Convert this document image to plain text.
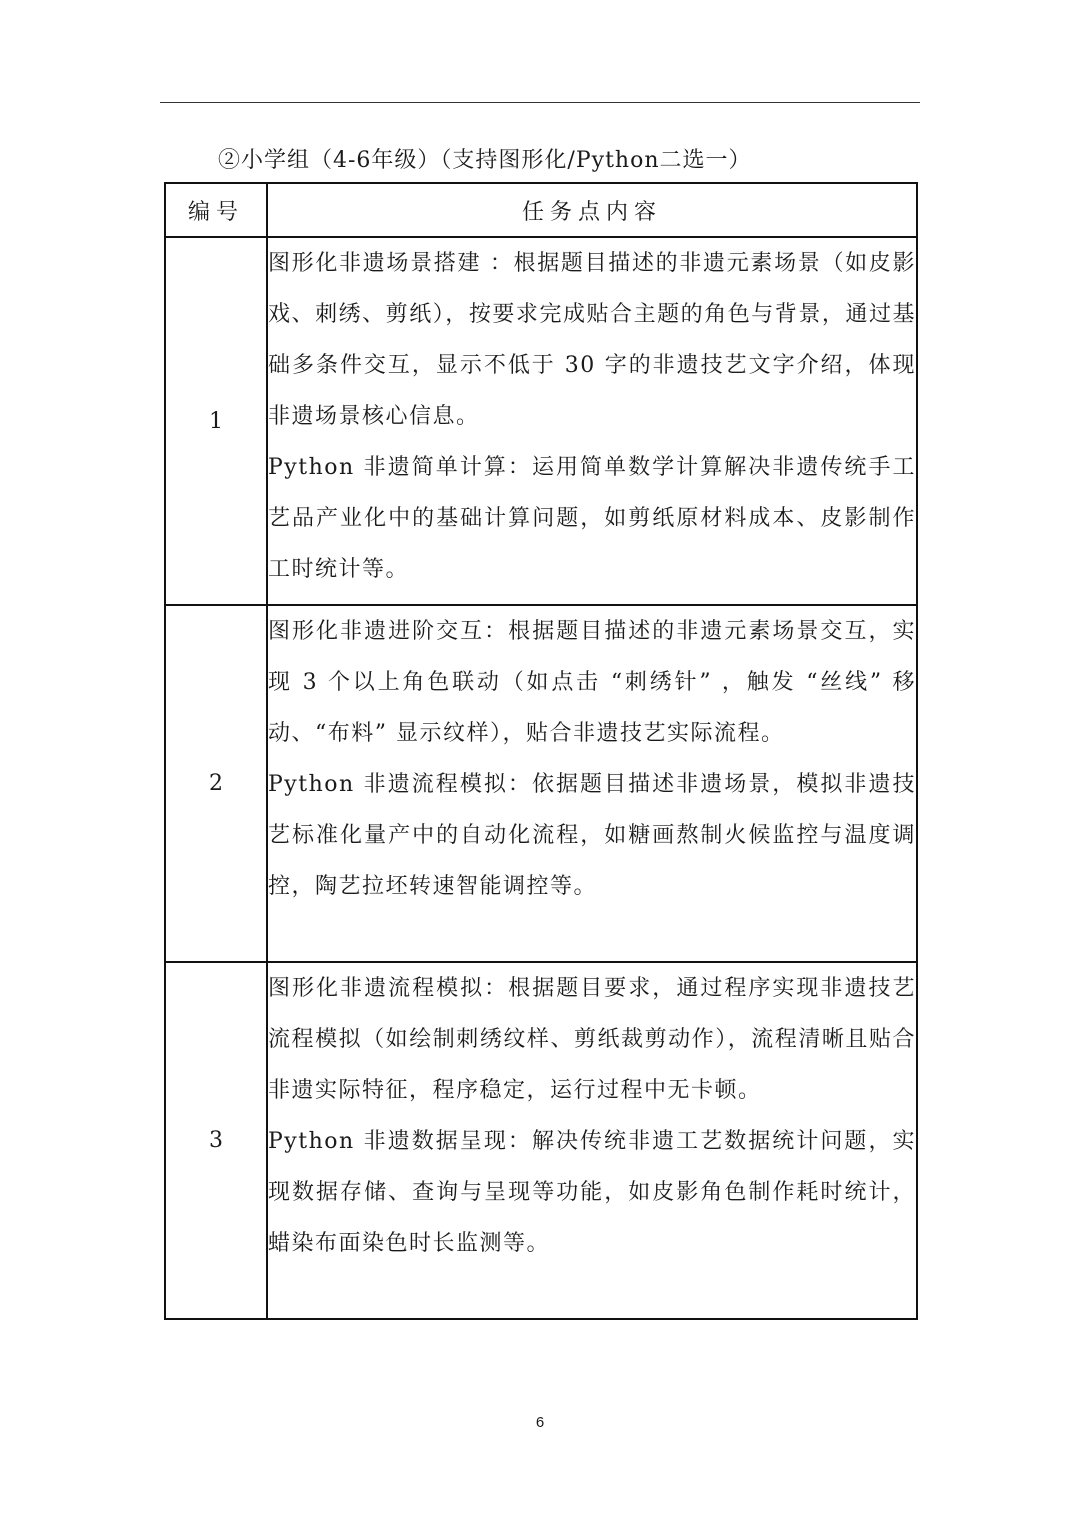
②小学组（4-6年级）（支持图形化/Python二选一）
编号	任务点内容
1	图形化非遗场景搭建 ：根据题目描述的非遗元素场景（如皮影戏、刺绣、剪纸），按要求完成贴合主题的角色与背景，通过基础多条件交互，显示不低于 30 字的非遗技艺文字介绍，体现非遗场景核心信息。

Python 非遗简单计算：运用简单数学计算解决非遗传统手工艺品产业化中的基础计算问题，如剪纸原材料成本、皮影制作工时统计等。

2	图形化非遗进阶交互：根据题目描述的非遗元素场景交互，实现 3 个以上角色联动（如点击 “刺绣针” ，触发 “丝线” 移动、“布料” 显示纹样），贴合非遗技艺实际流程。

Python 非遗流程模拟：依据题目描述非遗场景，模拟非遗技艺标准化量产中的自动化流程，如糖画熬制火候监控与温度调控，陶艺拉坯转速智能调控等。

3	图形化非遗流程模拟：根据题目要求，通过程序实现非遗技艺流程模拟（如绘制刺绣纹样、剪纸裁剪动作），流程清晰且贴合非遗实际特征，程序稳定，运行过程中无卡顿。

Python 非遗数据呈现：解决传统非遗工艺数据统计问题，实现数据存储、查询与呈现等功能，如皮影角色制作耗时统计，蜡染布面染色时长监测等。

6
